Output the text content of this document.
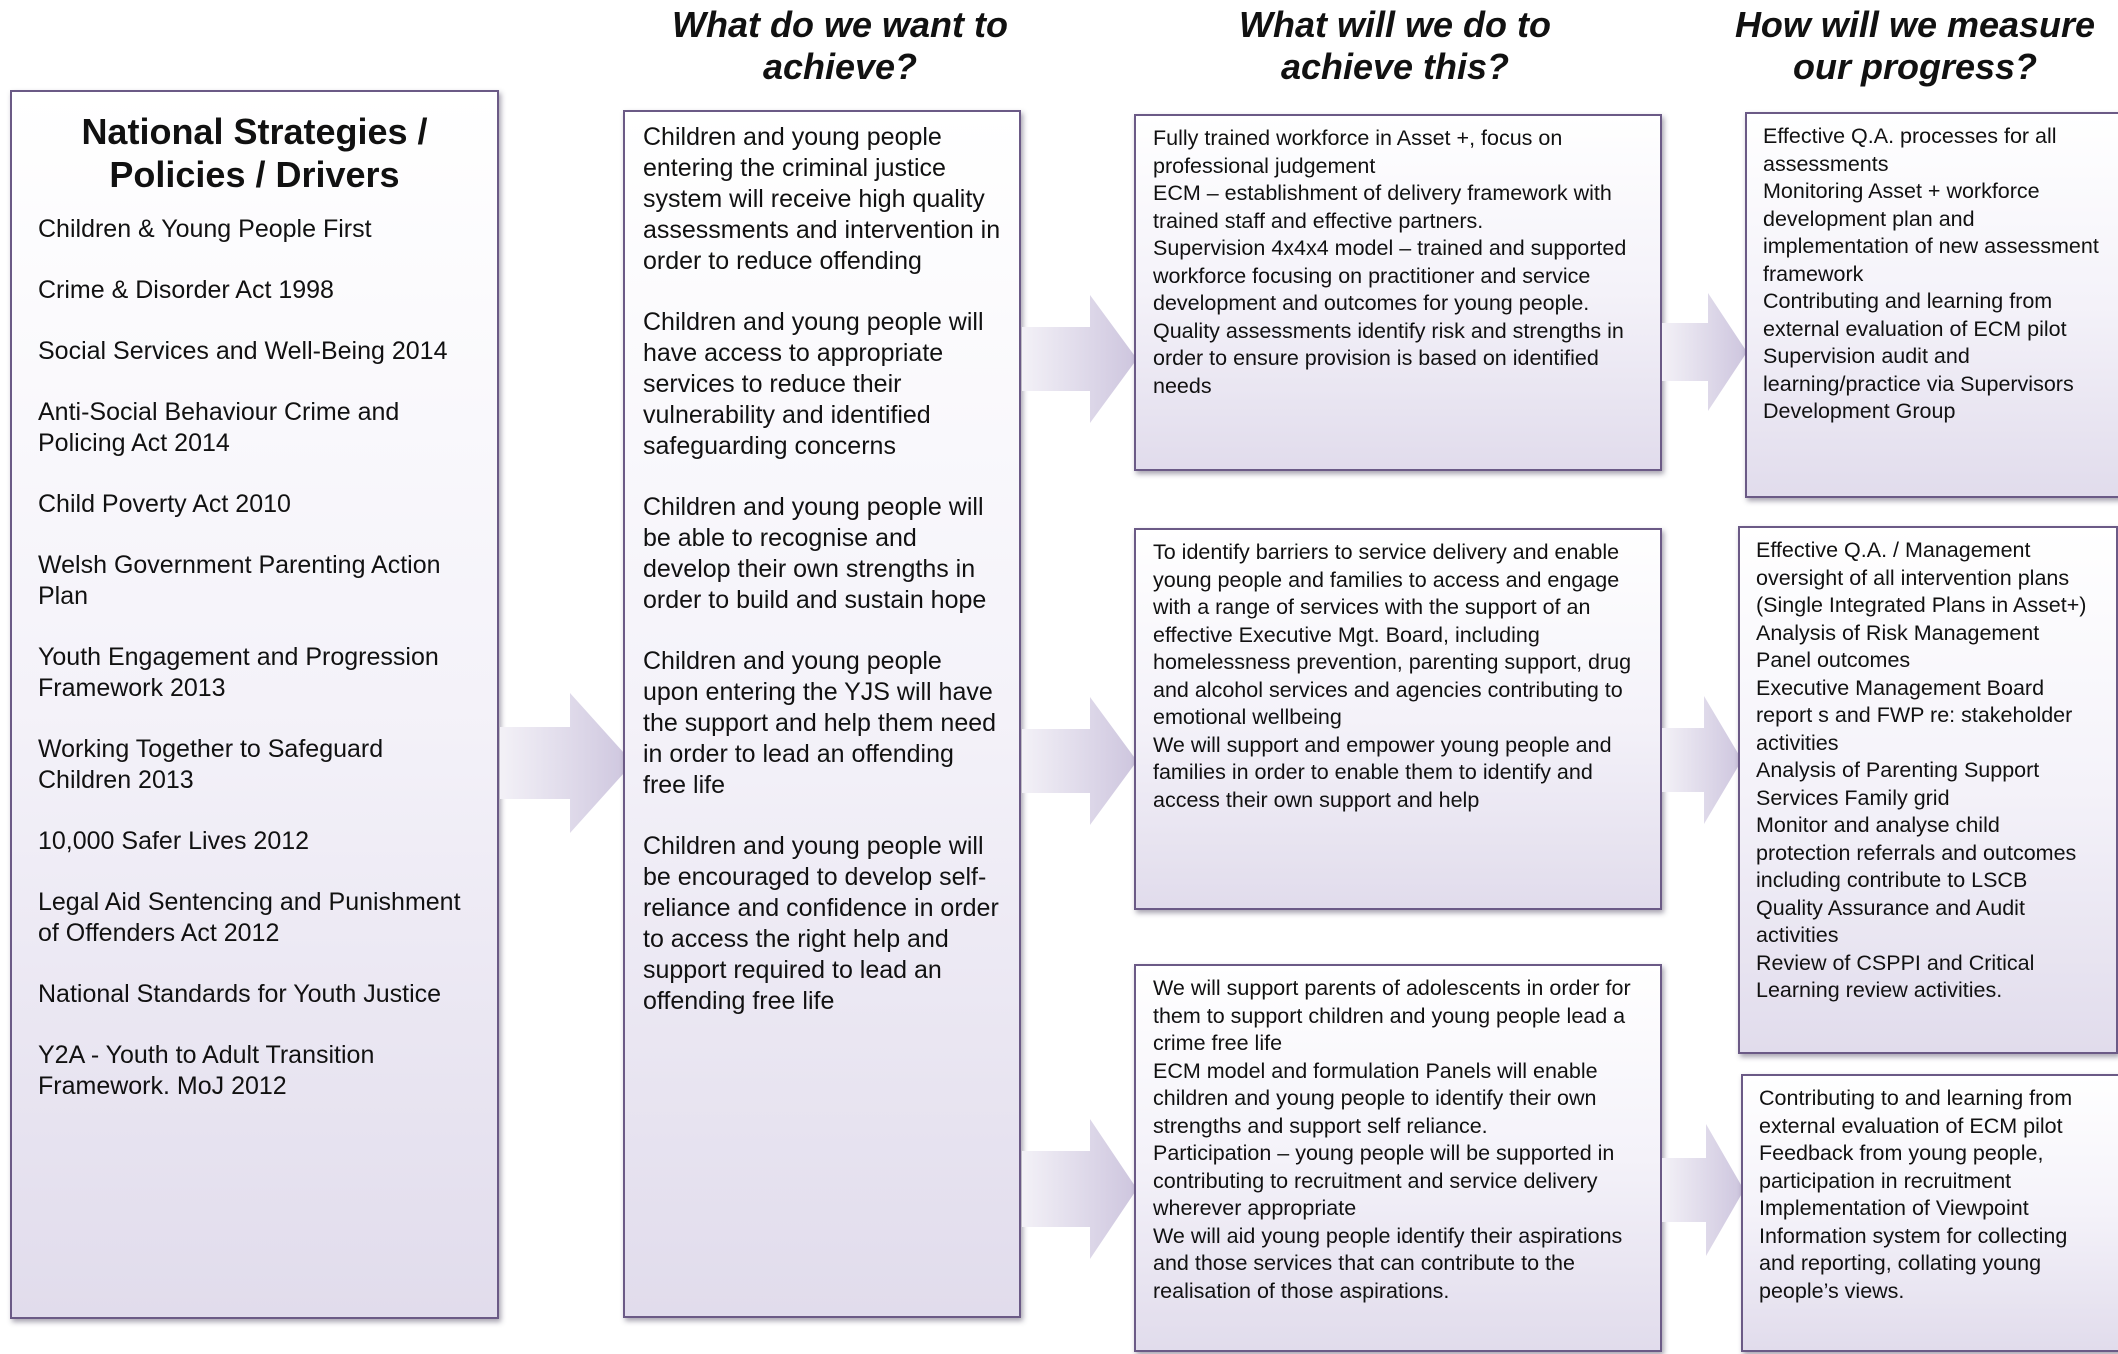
What do we want to achieve?
What will we do to achieve this?
How will we measure our progress?
National Strategies / Policies / Drivers
Children & Young People First
Crime & Disorder Act 1998
Social Services and Well-Being 2014
Anti-Social Behaviour Crime and Policing Act 2014
Child Poverty Act 2010
Welsh Government Parenting Action Plan
Youth Engagement and Progression Framework 2013
Working Together to Safeguard Children 2013
10,000 Safer Lives 2012
Legal Aid Sentencing and Punishment of Offenders Act 2012
National Standards for Youth Justice
Y2A - Youth to Adult Transition Framework. MoJ 2012

Children and young people entering the criminal justice system will receive high quality assessments and intervention in order to reduce offending

Children and young people will have access to appropriate services to reduce their vulnerability and identified safeguarding concerns

Children and young people will be able to recognise and develop their own strengths in order to build and sustain hope

Children and young people upon entering the YJS will have the support and help them need in order to lead an offending free life

Children and young people will be encouraged to develop self-reliance and confidence in order to access the right help and support required to lead an offending free life

Fully trained workforce in Asset +, focus on professional judgement
ECM – establishment of delivery framework with trained staff and effective partners.
Supervision 4x4x4 model – trained and supported workforce focusing on practitioner and service development and outcomes for young people.
Quality assessments identify risk and strengths in order to ensure provision is based on identified needs
To identify barriers to service delivery and enable young people and families to access and engage with a range of services with the support of an effective Executive Mgt. Board, including homelessness prevention, parenting support, drug and alcohol services and agencies contributing to emotional wellbeing
We will support and empower young people and families in order to enable them to identify and access their own support and help
We will support parents of adolescents in order for them to support children and young people lead a crime free life
ECM model and formulation Panels will enable children and young people to identify their own strengths and support self reliance.
Participation – young people will be supported in contributing to recruitment and service delivery wherever appropriate
We will aid young people identify their aspirations and those services that can contribute to the realisation of those aspirations.
Effective Q.A. processes for all assessments
Monitoring Asset + workforce development plan and implementation of new assessment framework
Contributing and learning from external evaluation of ECM pilot
Supervision audit and learning/practice via Supervisors Development Group
Effective Q.A. / Management oversight of all intervention plans (Single Integrated Plans in Asset+)
Analysis of Risk Management Panel outcomes
Executive Management Board report s and FWP re: stakeholder activities
Analysis of Parenting Support Services Family grid
Monitor and analyse child protection referrals and outcomes including contribute to LSCB Quality Assurance and Audit activities
Review of CSPPI and Critical Learning review activities.
Contributing to and learning from external evaluation of ECM pilot
Feedback from young people, participation in recruitment
Implementation of Viewpoint Information system for collecting and reporting, collating young people’s views.
